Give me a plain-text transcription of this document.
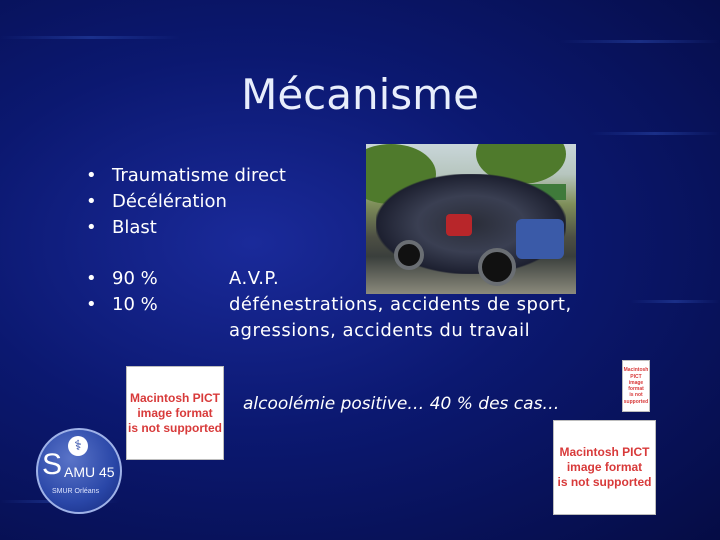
Mécanisme
• Traumatisme direct
• Décélération
• Blast
• 90 %
• 10 %
A.V.P.
défénestrations, accidents de sport,
agressions, accidents du travail
Macintosh PICT
image format
is not supported
Macintosh PICT
image format
is not supported
Macintosh PICT
image format
is not supported
alcoolémie positive… 40 % des cas…
⚕
S AMU 45
SMUR Orléans
